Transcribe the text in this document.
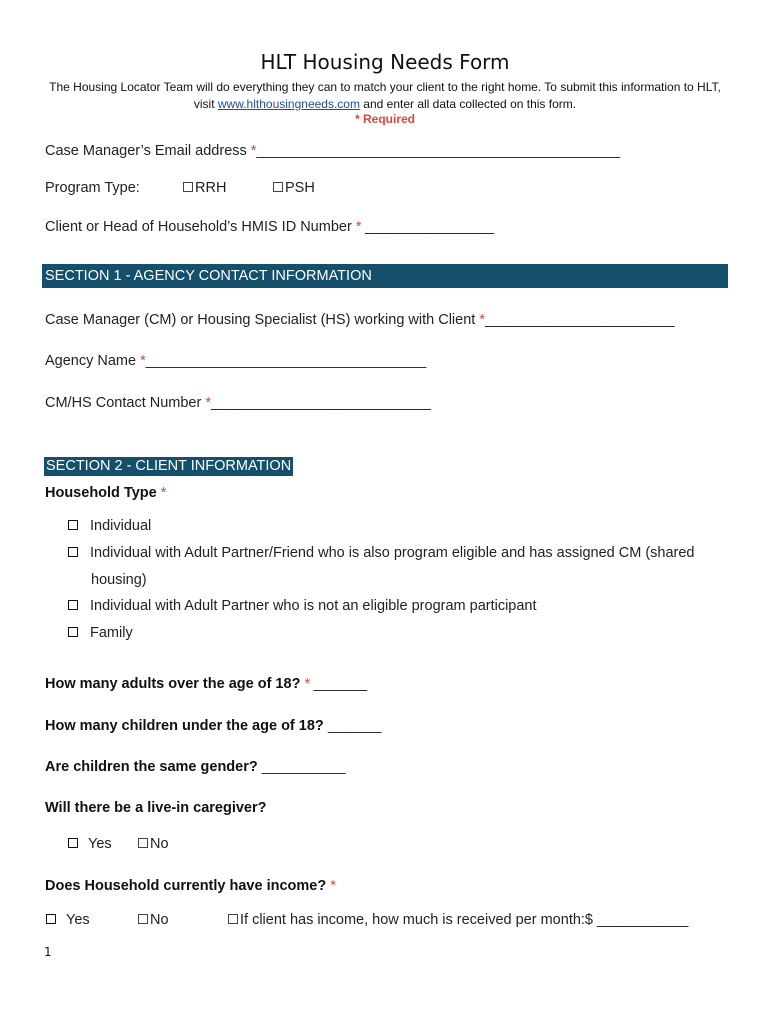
HLT Housing Needs Form
The Housing Locator Team will do everything they can to match your client to the right home. To submit this information to HLT, visit www.hlthousingneeds.com and enter all data collected on this form.
* Required
Case Manager’s Email address *________________________________________________
Program Type:	RRH	PSH
Client or Head of Household’s HMIS ID Number * _________________
SECTION 1 - AGENCY CONTACT INFORMATION
Case Manager (CM) or Housing Specialist (HS) working with Client *_________________________
Agency Name *_____________________________________
CM/HS Contact Number *_____________________________
SECTION 2 - CLIENT INFORMATION
Household Type *
Individual
Individual with Adult Partner/Friend who is also program eligible and has assigned CM (shared
housing)
Individual with Adult Partner who is not an eligible program participant
Family
How many adults over the age of 18? * _______
How many children under the age of 18? _______
Are children the same gender? ___________
Will there be a live-in caregiver?
Yes	No
Does Household currently have income? *
Yes	No	If client has income, how much is received per month:$ ____________
1
